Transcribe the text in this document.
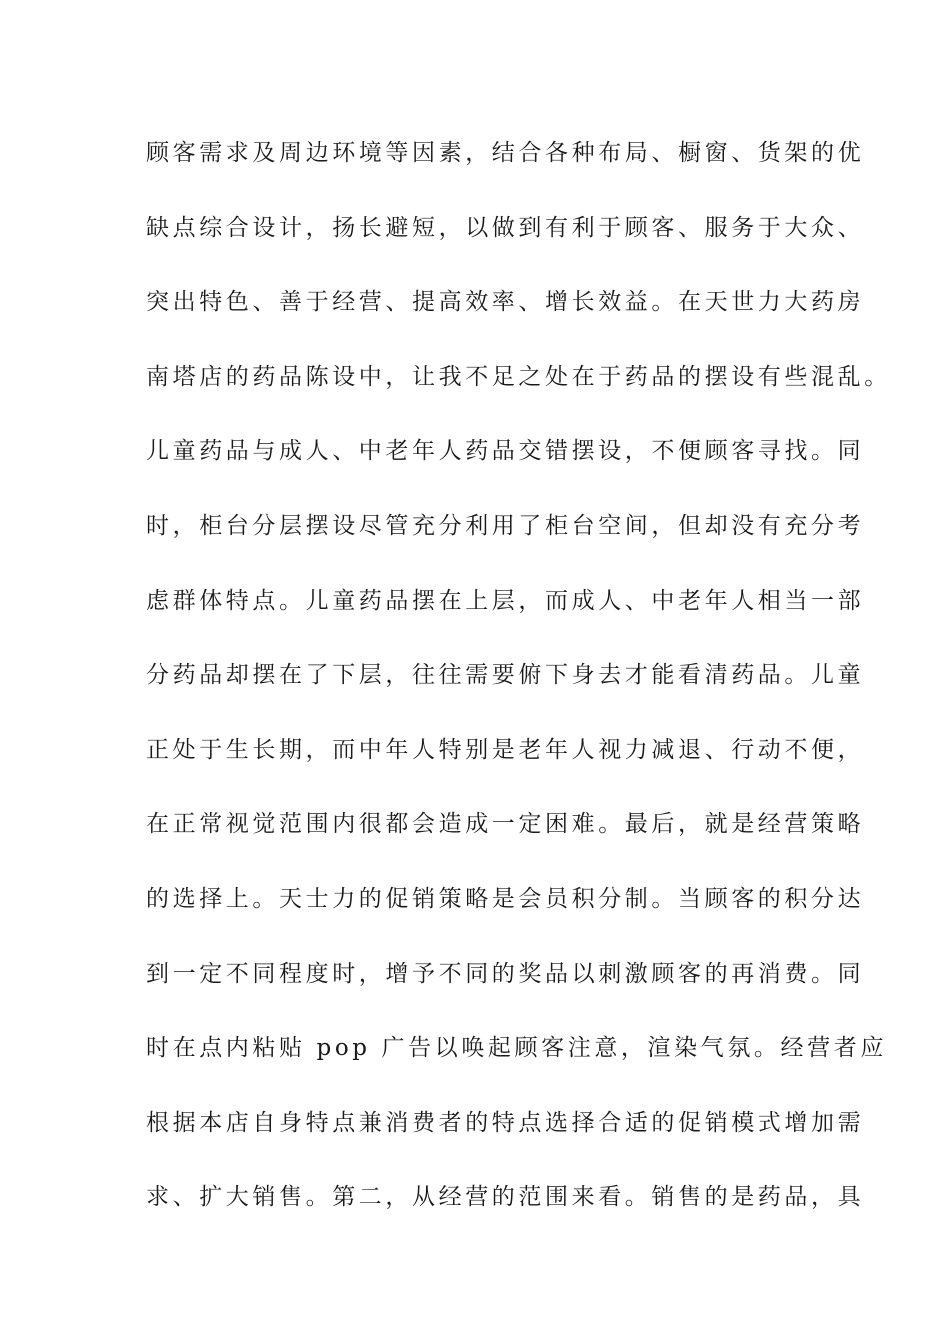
顾客需求及周边环境等因素，结合各种布局、橱窗、货架的优
缺点综合设计，扬长避短，以做到有利于顾客、服务于大众、
突出特色、善于经营、提高效率、增长效益。在天世力大药房
南塔店的药品陈设中，让我不足之处在于药品的摆设有些混乱。
儿童药品与成人、中老年人药品交错摆设，不便顾客寻找。同
时，柜台分层摆设尽管充分利用了柜台空间，但却没有充分考
虑群体特点。儿童药品摆在上层，而成人、中老年人相当一部
分药品却摆在了下层，往往需要俯下身去才能看清药品。儿童
正处于生长期，而中年人特别是老年人视力减退、行动不便，
在正常视觉范围内很都会造成一定困难。最后，就是经营策略
的选择上。天士力的促销策略是会员积分制。当顾客的积分达
到一定不同程度时，增予不同的奖品以刺激顾客的再消费。同
时在点内粘贴 pop 广告以唤起顾客注意，渲染气氛。经营者应
根据本店自身特点兼消费者的特点选择合适的促销模式增加需
求、扩大销售。第二，从经营的范围来看。销售的是药品，具
